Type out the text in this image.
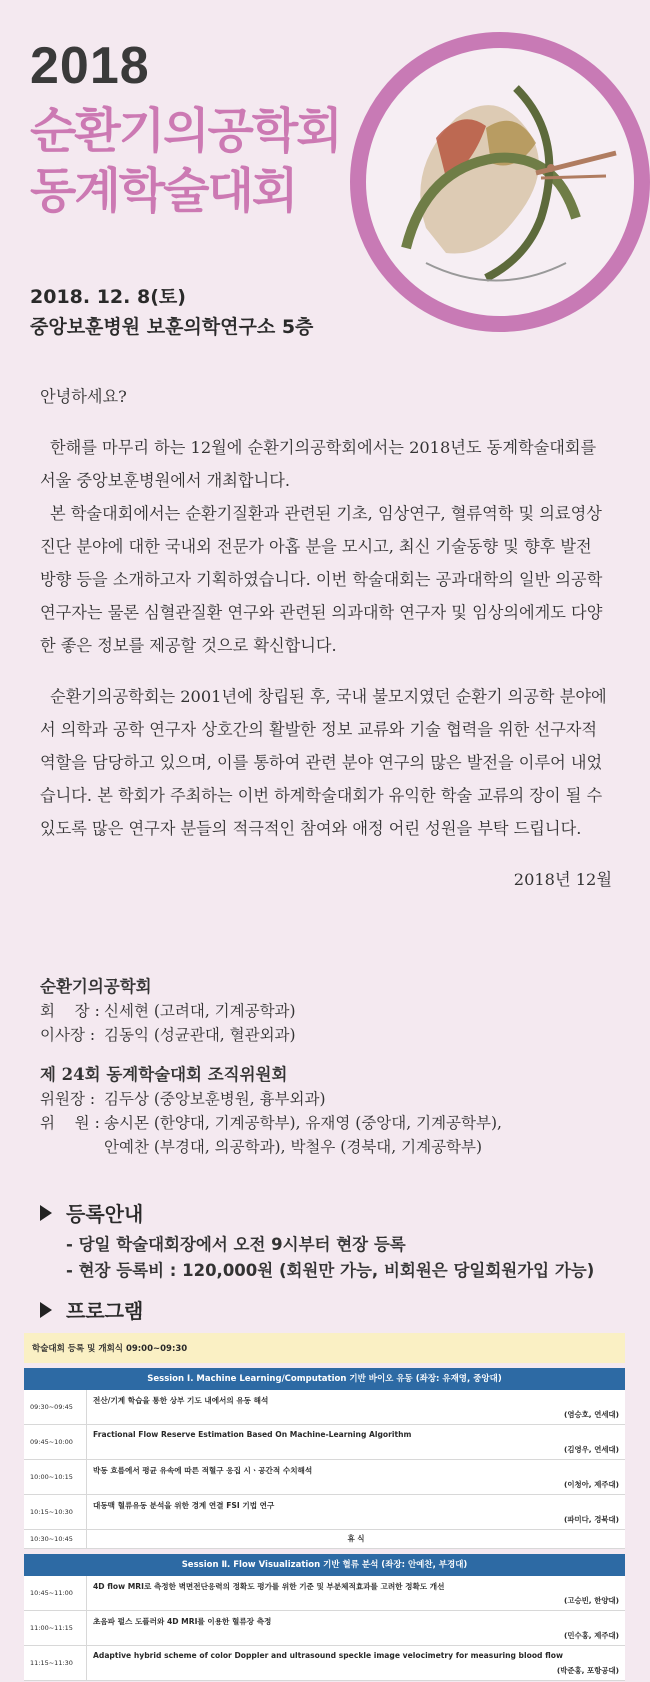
2018
순환기의공학회
동계학술대회
2018. 12. 8(토)
중앙보훈병원 보훈의학연구소 5층

안녕하세요?

한해를 마무리 하는 12월에 순환기의공학회에서는 2018년도 동계학술대회를 서울 중앙보훈병원에서 개최합니다.

본 학술대회에서는 순환기질환과 관련된 기초, 임상연구, 혈류역학 및 의료영상진단 분야에 대한 국내외 전문가 아홉 분을 모시고, 최신 기술동향 및 향후 발전 방향 등을 소개하고자 기획하였습니다. 이번 학술대회는 공과대학의 일반 의공학 연구자는 물론 심혈관질환 연구와 관련된 의과대학 연구자 및 임상의에게도 다양한 좋은 정보를 제공할 것으로 확신합니다.

순환기의공학회는 2001년에 창립된 후, 국내 불모지였던 순환기 의공학 분야에서 의학과 공학 연구자 상호간의 활발한 정보 교류와 기술 협력을 위한 선구자적 역할을 담당하고 있으며, 이를 통하여 관련 분야 연구의 많은 발전을 이루어 내었습니다. 본 학회가 주최하는 이번 하계학술대회가 유익한 학술 교류의 장이 될 수 있도록 많은 연구자 분들의 적극적인 참여와 애정 어린 성원을 부탁 드립니다.

2018년 12월

순환기의공학회
회    장 : 신세현 (고려대, 기계공학과)
이사장 : 김동익 (성균관대, 혈관외과)
제 24회 동계학술대회 조직위원회
위원장 : 김두상 (중앙보훈병원, 흉부외과)
위    원 : 송시몬 (한양대, 기계공학부), 유재영 (중앙대, 기계공학부),
안예찬 (부경대, 의공학과), 박철우 (경북대, 기계공학부)
등록안내
- 당일 학술대회장에서 오전 9시부터 현장 등록
- 현장 등록비 : 120,000원 (회원만 가능, 비회원은 당일회원가입 가능)
프로그램
학술대회 등록 및 개회식 09:00~09:30
Session Ⅰ. Machine Learning/Computation 기반 바이오 유동 (좌장: 유재영, 중앙대)
09:30~09:45
전산/기계 학습을 통한 상부 기도 내에서의 유동 해석
(염승호, 연세대)
09:45~10:00
Fractional Flow Reserve Estimation Based On Machine-Learning Algorithm
(김영우, 연세대)
10:00~10:15
박동 흐름에서 평균 유속에 따른 적혈구 응집 시ㆍ공간적 수치해석
(이청아, 제주대)
10:15~10:30
대동맥 혈류유동 분석을 위한 경계 연결 FSI 기법 연구
(파미다, 경북대)
10:30~10:45	휴 식
Session Ⅱ. Flow Visualization 기반 혈류 분석 (좌장: 안예찬, 부경대)
10:45~11:00
4D flow MRI로 측정한 벽면전단응력의 정확도 평가를 위한 기준 및 부분체적효과를 고려한 정확도 개선
(고승빈, 한양대)
11:00~11:15
초음파 펄스 도플러와 4D MRI를 이용한 혈류장 측정
(민수홍, 제주대)
11:15~11:30
Adaptive hybrid scheme of color Doppler and ultrasound speckle image velocimetry for measuring blood flow
(박준홍, 포항공대)
